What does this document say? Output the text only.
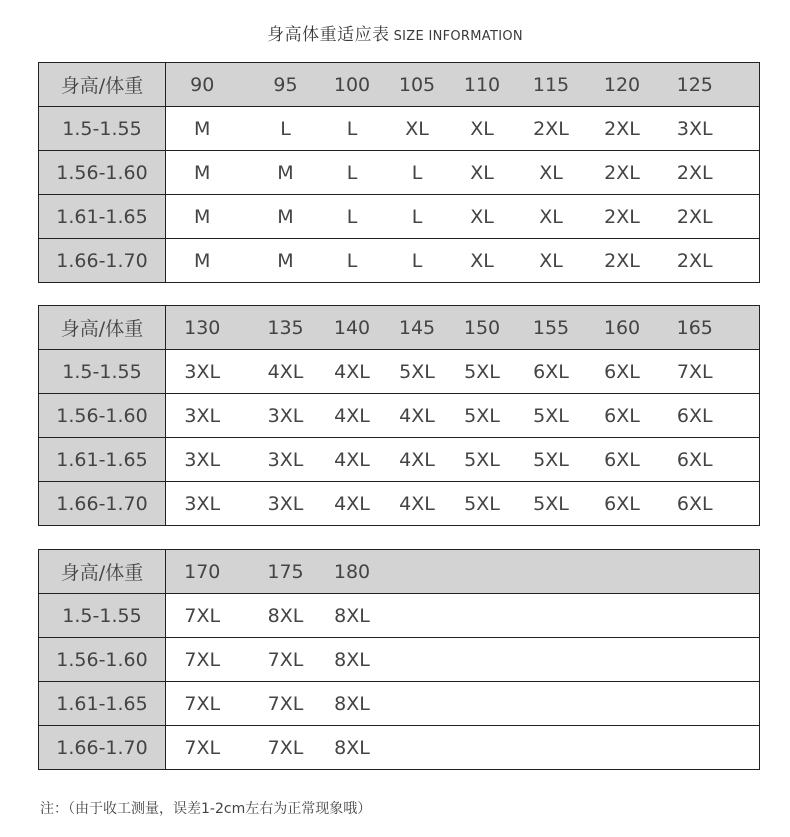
身高体重适应表 SIZE INFORMATION
身高/体重	90	95	100	105	110	115	120	125
1.5-1.55	M	L	L	XL	XL	2XL	2XL	3XL
1.56-1.60	M	M	L	L	XL	XL	2XL	2XL
1.61-1.65	M	M	L	L	XL	XL	2XL	2XL
1.66-1.70	M	M	L	L	XL	XL	2XL	2XL
身高/体重	130	135	140	145	150	155	160	165
1.5-1.55	3XL	4XL	4XL	5XL	5XL	6XL	6XL	7XL
1.56-1.60	3XL	3XL	4XL	4XL	5XL	5XL	6XL	6XL
1.61-1.65	3XL	3XL	4XL	4XL	5XL	5XL	6XL	6XL
1.66-1.70	3XL	3XL	4XL	4XL	5XL	5XL	6XL	6XL
身高/体重	170	175	180					
1.5-1.55	7XL	8XL	8XL					
1.56-1.60	7XL	7XL	8XL					
1.61-1.65	7XL	7XL	8XL					
1.66-1.70	7XL	7XL	8XL					
注：（由于收工测量，误差1-2cm左右为正常现象哦）
